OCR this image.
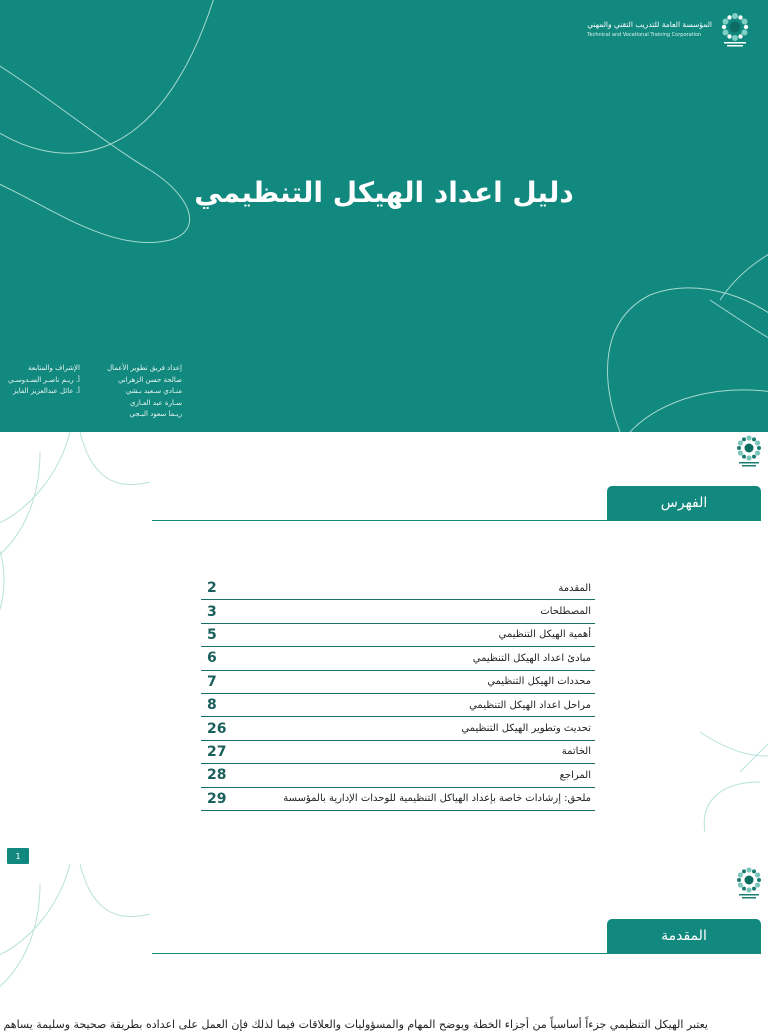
المؤسسة العامة للتدريب التقني والمهني
Technical and Vocational Training Corporation
دليل اعداد الهيكل التنظيمي
إعداد فريق تطوير الأعمال
صالحة حسن الزهراني
منـادي سـعيد بـشي
سـارة عبد العـازي
ريـما سعود البـجي
الإشراف والمتابعة
أ. ريـم ناصـر السـدوسـي
أ. عائل عبدالعزيز الفايز
الفهرس
المقدمة	2
المصطلحات	3
أهمية الهيكل التنظيمي	5
مبادئ اعداد الهيكل التنظيمي	6
محددات الهيكل التنظيمي	7
مراحل اعداد الهيكل التنظيمي	8
تحديث وتطوير الهيكل التنظيمي	26
الخاتمة	27
المراجع	28
ملحق: إرشادات خاصة بإعداد الهياكل التنظيمية للوحدات الإدارية بالمؤسسة	29
1
المقدمة
يعتبر الهيكل التنظيمي جزءاً أساسياً من أجزاء الخطة ويوضح المهام والمسؤوليات والعلاقات فيما لذلك فإن العمل على اعداده بطريقة صحيحة وسليمة يساهم
